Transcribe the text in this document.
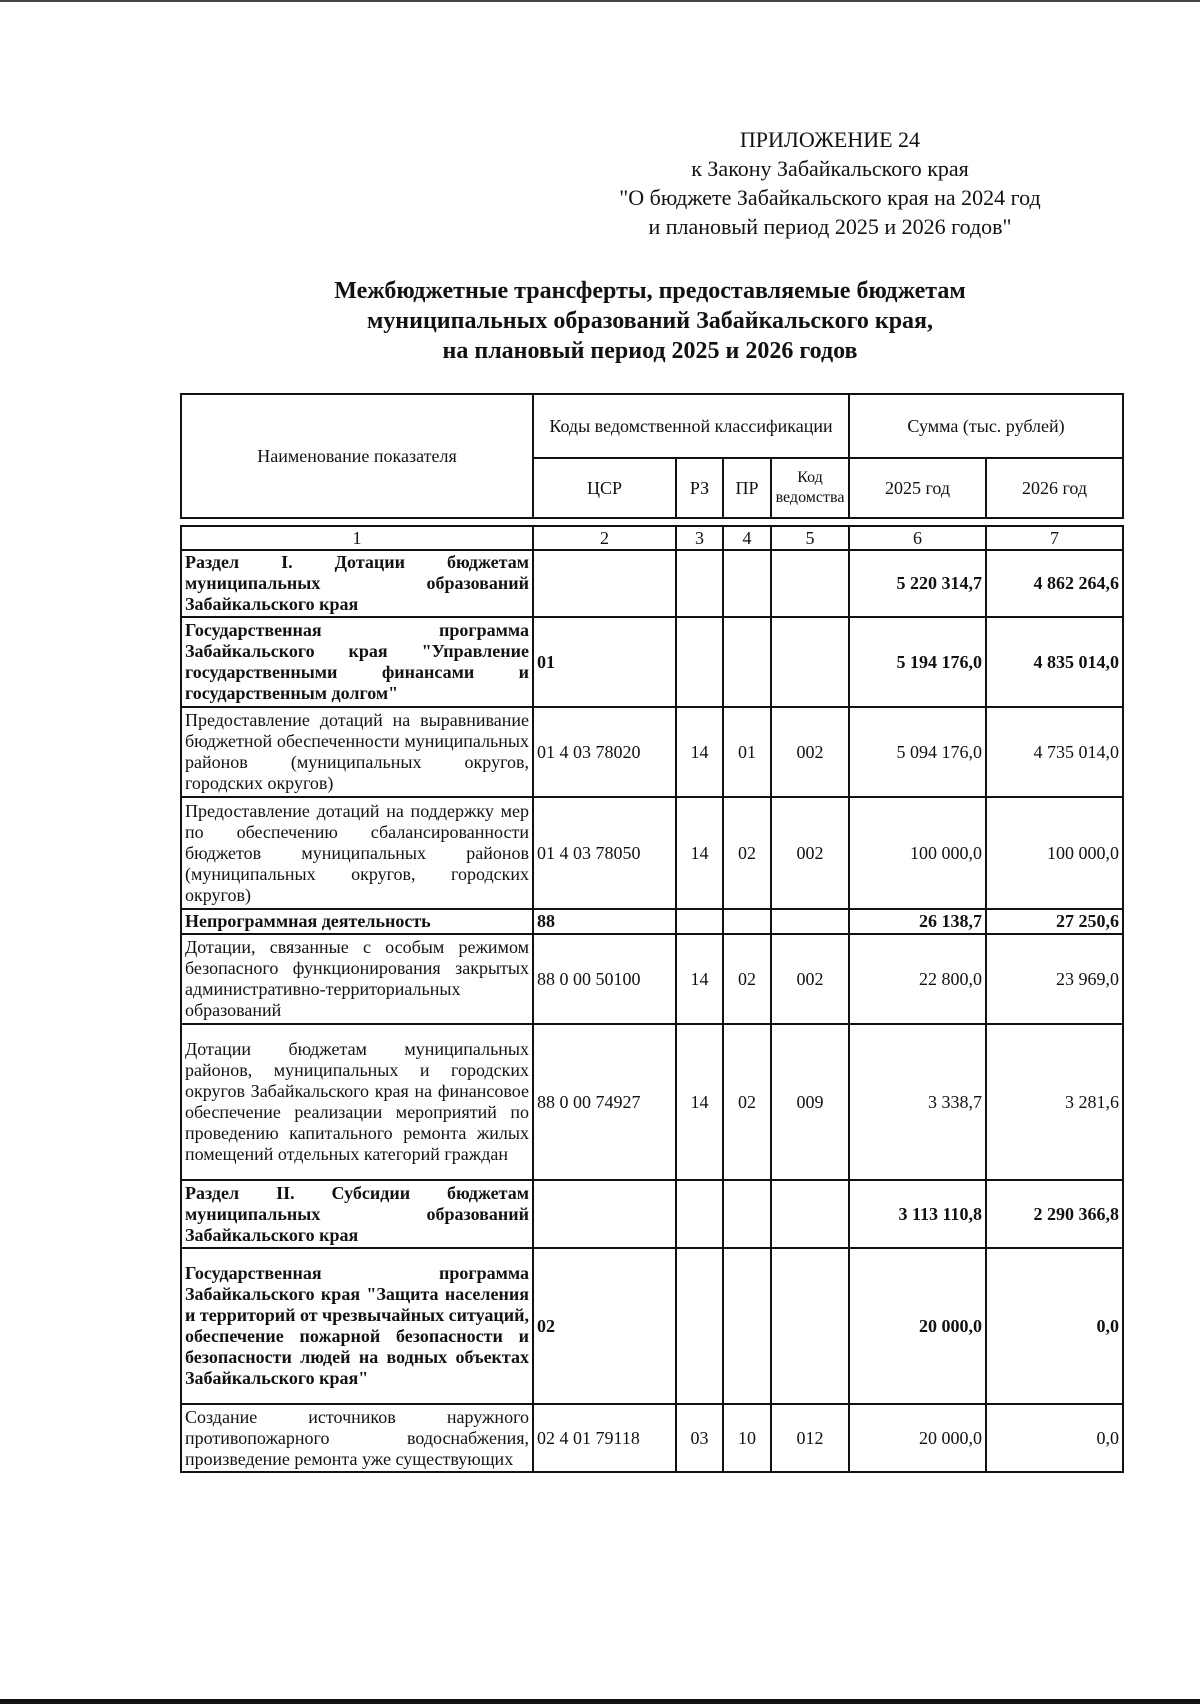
ПРИЛОЖЕНИЕ 24
к Закону Забайкальского края
"О бюджете Забайкальского края на 2024 год
и плановый период 2025 и 2026 годов"
Межбюджетные трансферты, предоставляемые бюджетам
муниципальных образований Забайкальского края,
на плановый период 2025 и 2026 годов
Наименование показателя	Коды ведомственной классификации				Сумма (тыс. рублей)	
	ЦСР	РЗ	ПР	Код ведомства	2025 год	2026 год
1	2	3	4	5	6	7
Раздел I. Дотации бюджетам муниципальных образований Забайкальского края					5 220 314,7	4 862 264,6
Государственная программа Забайкальского края "Управление государственными финансами и государственным долгом"	01				5 194 176,0	4 835 014,0
Предоставление дотаций на выравнивание бюджетной обеспеченности муниципальных районов (муниципальных округов, городских округов)	01 4 03 78020	14	01	002	5 094 176,0	4 735 014,0
Предоставление дотаций на поддержку мер по обеспечению сбалансированности бюджетов муниципальных районов (муниципальных округов, городских округов)	01 4 03 78050	14	02	002	100 000,0	100 000,0
Непрограммная деятельность	88				26 138,7	27 250,6
Дотации, связанные с особым режимом безопасного функционирования закрытых административно-территориальных образований	88 0 00 50100	14	02	002	22 800,0	23 969,0
Дотации бюджетам муниципальных районов, муниципальных и городских округов Забайкальского края на финансовое обеспечение реализации мероприятий по проведению капитального ремонта жилых помещений отдельных категорий граждан	88 0 00 74927	14	02	009	3 338,7	3 281,6
Раздел II. Субсидии бюджетам муниципальных образований Забайкальского края					3 113 110,8	2 290 366,8
Государственная программа Забайкальского края "Защита населения и территорий от чрезвычайных ситуаций, обеспечение пожарной безопасности и безопасности людей на водных объектах Забайкальского края"	02				20 000,0	0,0
Создание источников наружного противопожарного водоснабжения, произведение ремонта уже существующих	02 4 01 79118	03	10	012	20 000,0	0,0
